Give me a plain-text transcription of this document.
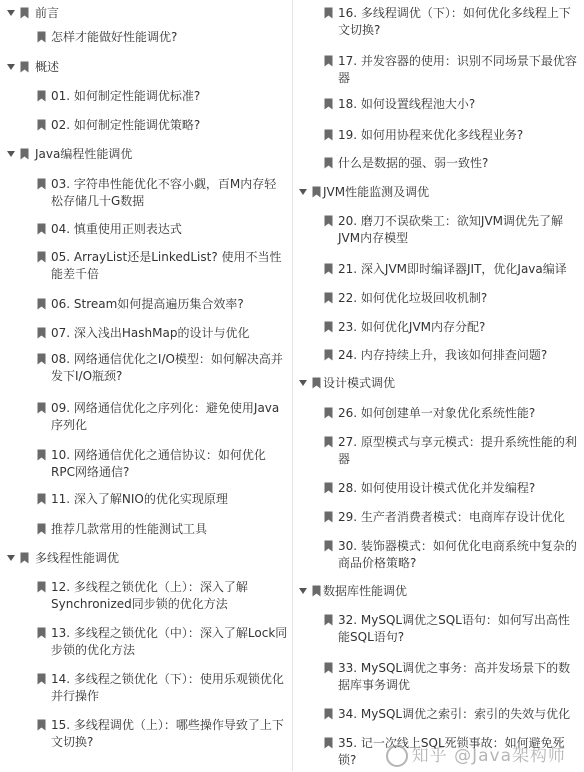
前言
怎样才能做好性能调优?
概述
01. 如何制定性能调优标准?
02. 如何制定性能调优策略?
Java编程性能调优
03. 字符串性能优化不容小觑，百M内存轻松存储几十G数据
04. 慎重使用正则表达式
05. ArrayList还是LinkedList? 使用不当性能差千倍
06. Stream如何提高遍历集合效率?
07. 深入浅出HashMap的设计与优化
08. 网络通信优化之I/O模型：如何解决高并发下I/O瓶颈?
09. 网络通信优化之序列化：避免使用Java序列化
10. 网络通信优化之通信协议：如何优化RPC网络通信?
11. 深入了解NIO的优化实现原理
推荐几款常用的性能测试工具
多线程性能调优
12. 多线程之锁优化（上）：深入了解Synchronized同步锁的优化方法
13. 多线程之锁优化（中）：深入了解Lock同步锁的优化方法
14. 多线程之锁优化（下）：使用乐观锁优化并行操作
15. 多线程调优（上）：哪些操作导致了上下文切换?
16. 多线程调优（下）：如何优化多线程上下文切换?
17. 并发容器的使用：识别不同场景下最优容器
18. 如何设置线程池大小?
19. 如何用协程来优化多线程业务?
什么是数据的强、弱一致性?
JVM性能监测及调优
20. 磨刀不误砍柴工：欲知JVM调优先了解JVM内存模型
21. 深入JVM即时编译器JIT，优化Java编译
22. 如何优化垃圾回收机制?
23. 如何优化JVM内存分配?
24. 内存持续上升，我该如何排查问题?
设计模式调优
26. 如何创建单一对象优化系统性能?
27. 原型模式与享元模式：提升系统性能的利器
28. 如何使用设计模式优化并发编程?
29. 生产者消费者模式：电商库存设计优化
30. 装饰器模式：如何优化电商系统中复杂的商品价格策略?
数据库性能调优
32. MySQL调优之SQL语句：如何写出高性能SQL语句?
33. MySQL调优之事务：高并发场景下的数据库事务调优
34. MySQL调优之索引：索引的失效与优化
35. 记一次线上SQL死锁事故：如何避免死锁?	知乎 @Java架构师
